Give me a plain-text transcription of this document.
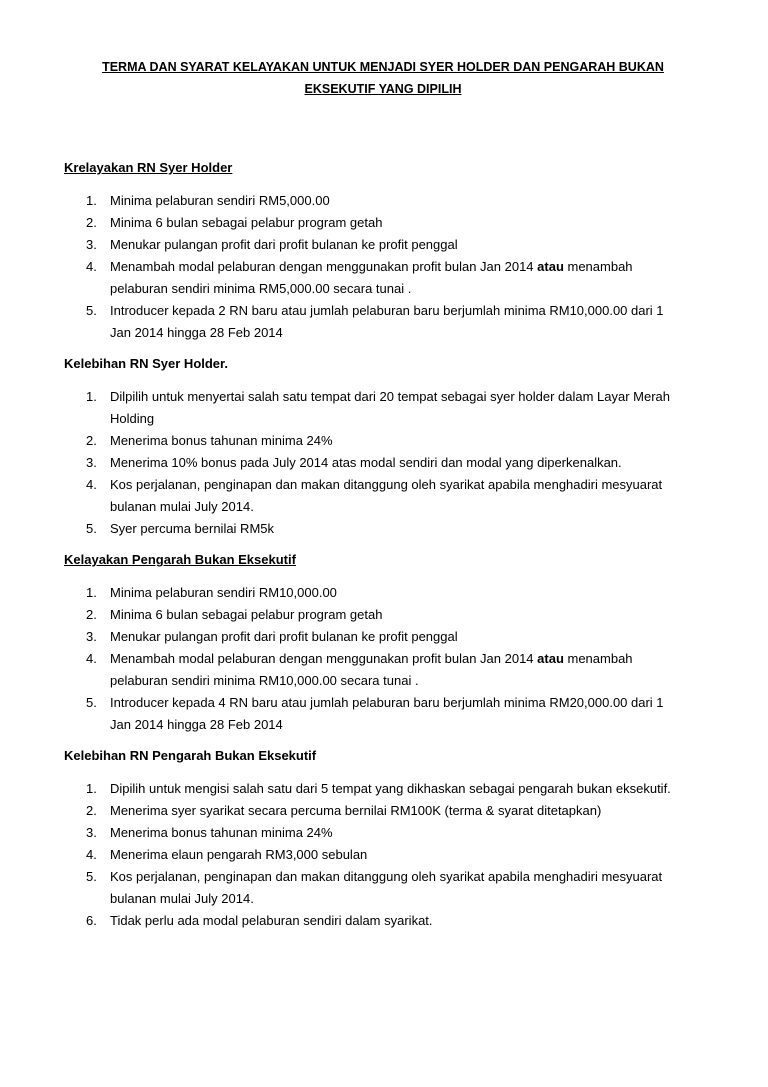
TERMA DAN SYARAT KELAYAKAN UNTUK MENJADI SYER HOLDER DAN PENGARAH BUKAN EKSEKUTIF YANG DIPILIH
Krelayakan RN Syer Holder
1.	Minima pelaburan sendiri RM5,000.00
2.	Minima 6 bulan sebagai pelabur program getah
3.	Menukar pulangan profit dari profit bulanan ke profit penggal
4.	Menambah modal pelaburan dengan menggunakan profit bulan Jan 2014 atau menambah pelaburan sendiri minima RM5,000.00 secara tunai .
5.	Introducer kepada 2 RN baru atau jumlah pelaburan baru berjumlah minima RM10,000.00 dari 1 Jan 2014 hingga 28 Feb 2014
Kelebihan RN Syer Holder.
1.	Dilpilih untuk menyertai salah satu tempat dari 20 tempat sebagai syer holder dalam Layar Merah Holding
2.	Menerima bonus tahunan minima 24%
3.	Menerima 10% bonus pada July 2014 atas modal sendiri dan modal yang diperkenalkan.
4.	Kos perjalanan, penginapan dan makan ditanggung oleh syarikat apabila menghadiri mesyuarat bulanan mulai July 2014.
5.	Syer percuma bernilai RM5k
Kelayakan Pengarah Bukan Eksekutif
1.	Minima pelaburan sendiri RM10,000.00
2.	Minima 6 bulan sebagai pelabur program getah
3.	Menukar pulangan profit dari profit bulanan ke profit penggal
4.	Menambah modal pelaburan dengan menggunakan profit bulan Jan 2014 atau menambah pelaburan sendiri minima RM10,000.00 secara tunai .
5.	Introducer kepada 4 RN baru atau jumlah pelaburan baru berjumlah minima RM20,000.00 dari 1 Jan 2014 hingga 28 Feb 2014
Kelebihan RN Pengarah Bukan Eksekutif
1.	Dipilih untuk mengisi salah satu dari 5 tempat yang dikhaskan sebagai pengarah bukan eksekutif.
2.	Menerima syer syarikat secara percuma bernilai RM100K (terma & syarat ditetapkan)
3.	Menerima bonus tahunan minima 24%
4.	Menerima elaun pengarah RM3,000 sebulan
5.	Kos perjalanan, penginapan dan makan ditanggung oleh syarikat apabila menghadiri mesyuarat bulanan mulai July 2014.
6.	Tidak perlu ada modal pelaburan sendiri dalam syarikat.
